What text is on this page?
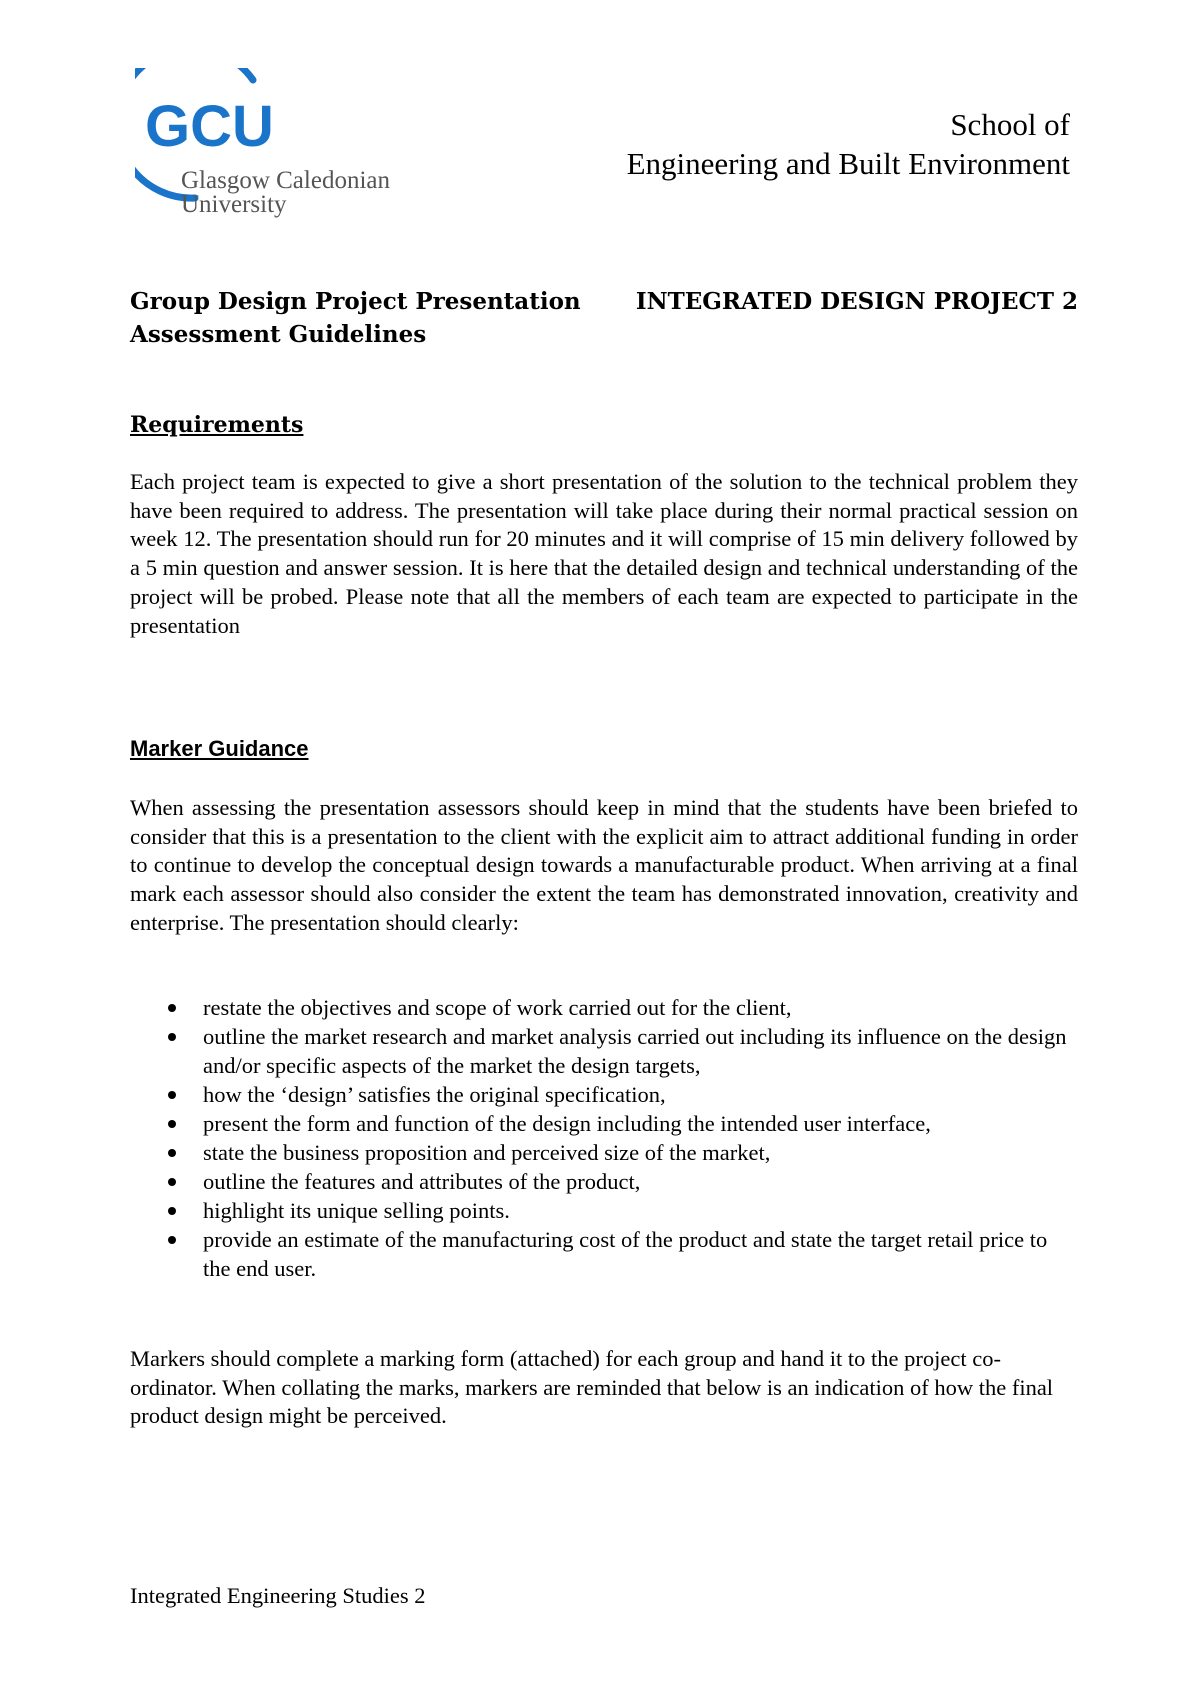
GCU
Glasgow Caledonian
University
School of
Engineering and Built Environment
Group Design Project Presentation
Assessment Guidelines
INTEGRATED DESIGN PROJECT 2
Requirements
Each project team is expected to give a short presentation of the solution to the technical problem they have been required to address. The presentation will take place during their normal practical session on week 12. The presentation should run for 20 minutes and it will comprise of 15 min delivery followed by a 5 min question and answer session. It is here that the detailed design and technical understanding of the project will be probed. Please note that all the members of each team are expected to participate in the presentation
Marker Guidance
When assessing the presentation assessors should keep in mind that the students have been briefed to consider that this is a presentation to the client with the explicit aim to attract additional funding in order to continue to develop the conceptual design towards a manufacturable product. When arriving at a final mark each assessor should also consider the extent the team has demonstrated innovation, creativity and enterprise. The presentation should clearly:
restate the objectives and scope of work carried out for the client,
outline the market research and market analysis carried out including its influence on the design and/or specific aspects of the market the design targets,
how the ‘design’ satisfies the original specification,
present the form and function of the design including the intended user interface,
state the business proposition and perceived size of the market,
outline the features and attributes of the product,
highlight its unique selling points.
provide an estimate of the manufacturing cost of the product and state the target retail price to the end user.
Markers should complete a marking form (attached) for each group and hand it to the project co-ordinator. When collating the marks, markers are reminded that below is an indication of how the final product design might be perceived.
Integrated Engineering Studies 2
